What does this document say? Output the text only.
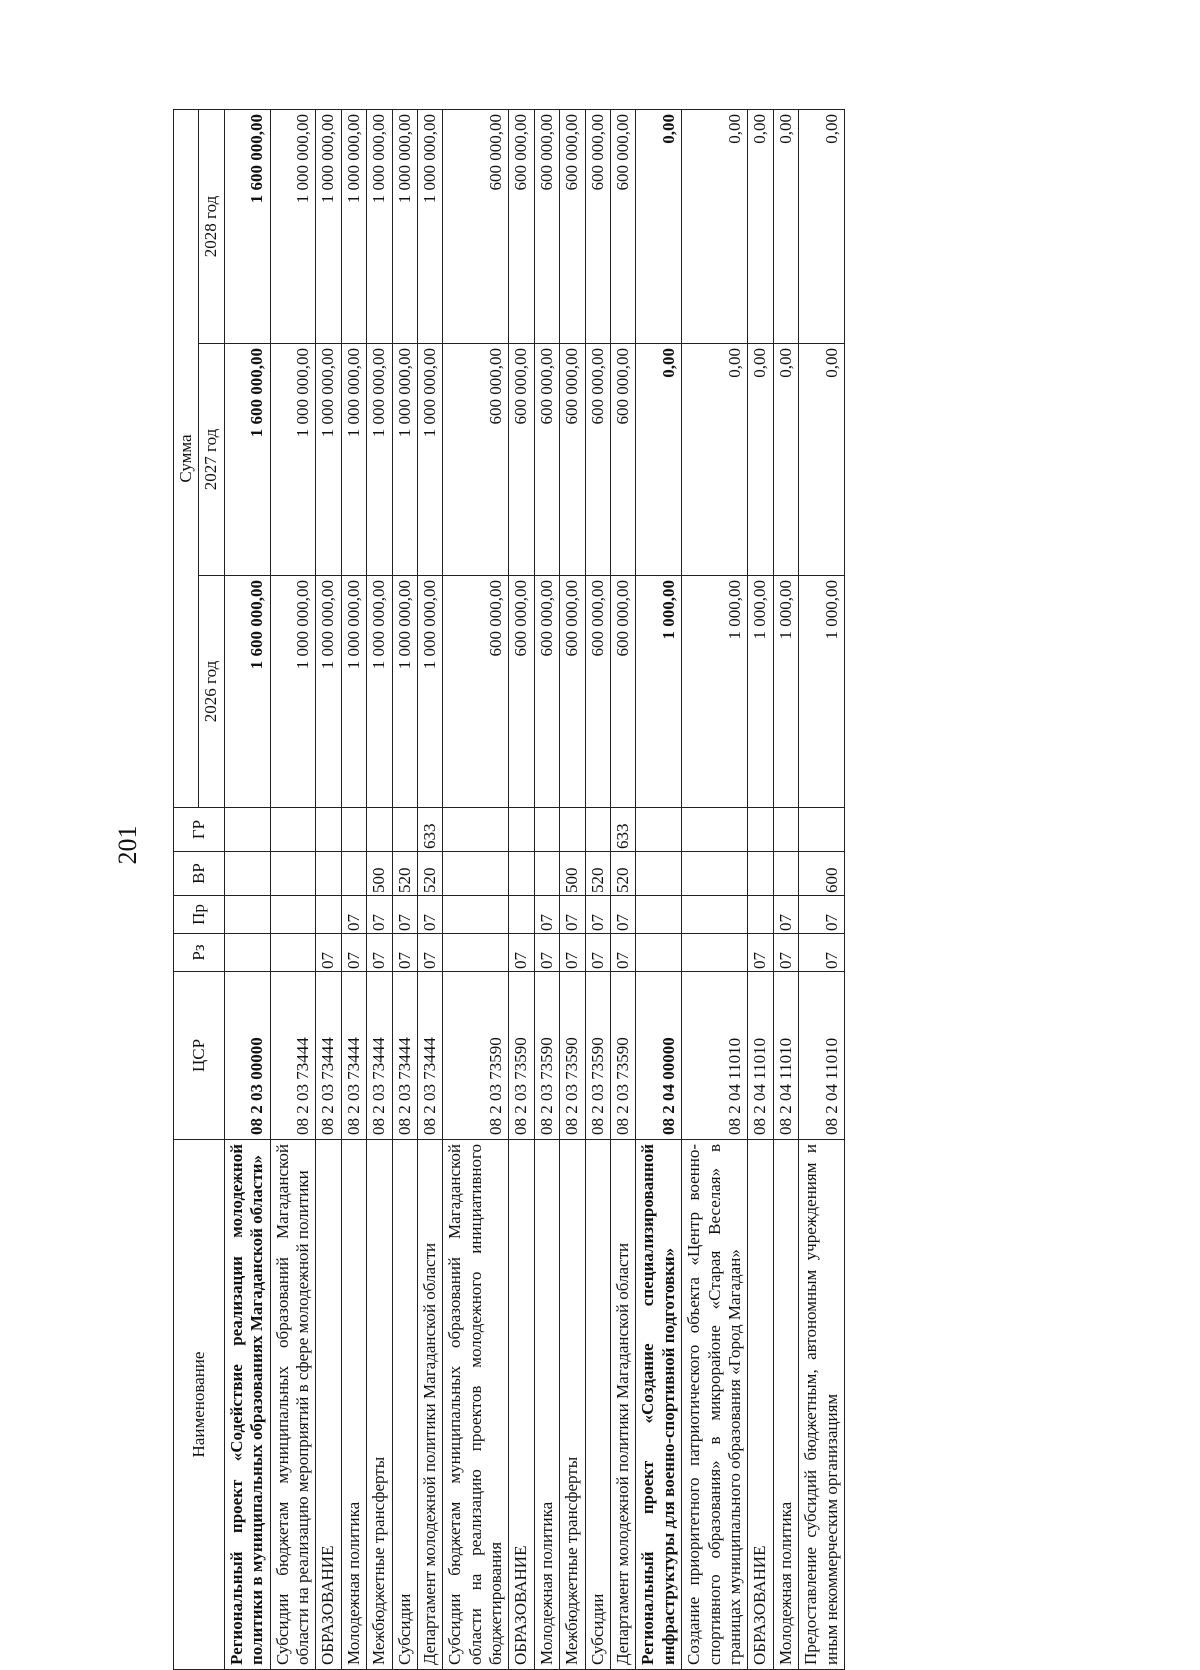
201
Наименование	ЦСР	Рз	Пр	ВР	ГР	Сумма		
						2026 год	2027 год	2028 год
Региональный проект «Содействие реализации молодежной политики в муниципальных образованиях Магаданской области»	08 2 03 00000					1 600 000,00	1 600 000,00	1 600 000,00
Субсидии бюджетам муниципальных образований Магаданской области на реализацию мероприятий в сфере молодежной политики	08 2 03 73444					1 000 000,00	1 000 000,00	1 000 000,00
ОБРАЗОВАНИЕ	08 2 03 73444	07				1 000 000,00	1 000 000,00	1 000 000,00
Молодежная политика	08 2 03 73444	07	07			1 000 000,00	1 000 000,00	1 000 000,00
Межбюджетные трансферты	08 2 03 73444	07	07	500		1 000 000,00	1 000 000,00	1 000 000,00
Субсидии	08 2 03 73444	07	07	520		1 000 000,00	1 000 000,00	1 000 000,00
Департамент молодежной политики Магаданской области	08 2 03 73444	07	07	520	633	1 000 000,00	1 000 000,00	1 000 000,00
Субсидии бюджетам муниципальных образований Магаданской области на реализацию проектов молодежного инициативного бюджетирования	08 2 03 73590					600 000,00	600 000,00	600 000,00
ОБРАЗОВАНИЕ	08 2 03 73590	07				600 000,00	600 000,00	600 000,00
Молодежная политика	08 2 03 73590	07	07			600 000,00	600 000,00	600 000,00
Межбюджетные трансферты	08 2 03 73590	07	07	500		600 000,00	600 000,00	600 000,00
Субсидии	08 2 03 73590	07	07	520		600 000,00	600 000,00	600 000,00
Департамент молодежной политики Магаданской области	08 2 03 73590	07	07	520	633	600 000,00	600 000,00	600 000,00
Региональный проект «Создание специализированной инфраструктуры для военно-спортивной подготовки»	08 2 04 00000					1 000,00	0,00	0,00
Создание приоритетного патриотического объекта «Центр военно-спортивного образования» в микрорайоне «Старая Веселая» в границах муниципального образования «Город Магадан»	08 2 04 11010					1 000,00	0,00	0,00
ОБРАЗОВАНИЕ	08 2 04 11010	07				1 000,00	0,00	0,00
Молодежная политика	08 2 04 11010	07	07			1 000,00	0,00	0,00
Предоставление субсидий бюджетным, автономным учреждениям и иным некоммерческим организациям	08 2 04 11010	07	07	600		1 000,00	0,00	0,00
